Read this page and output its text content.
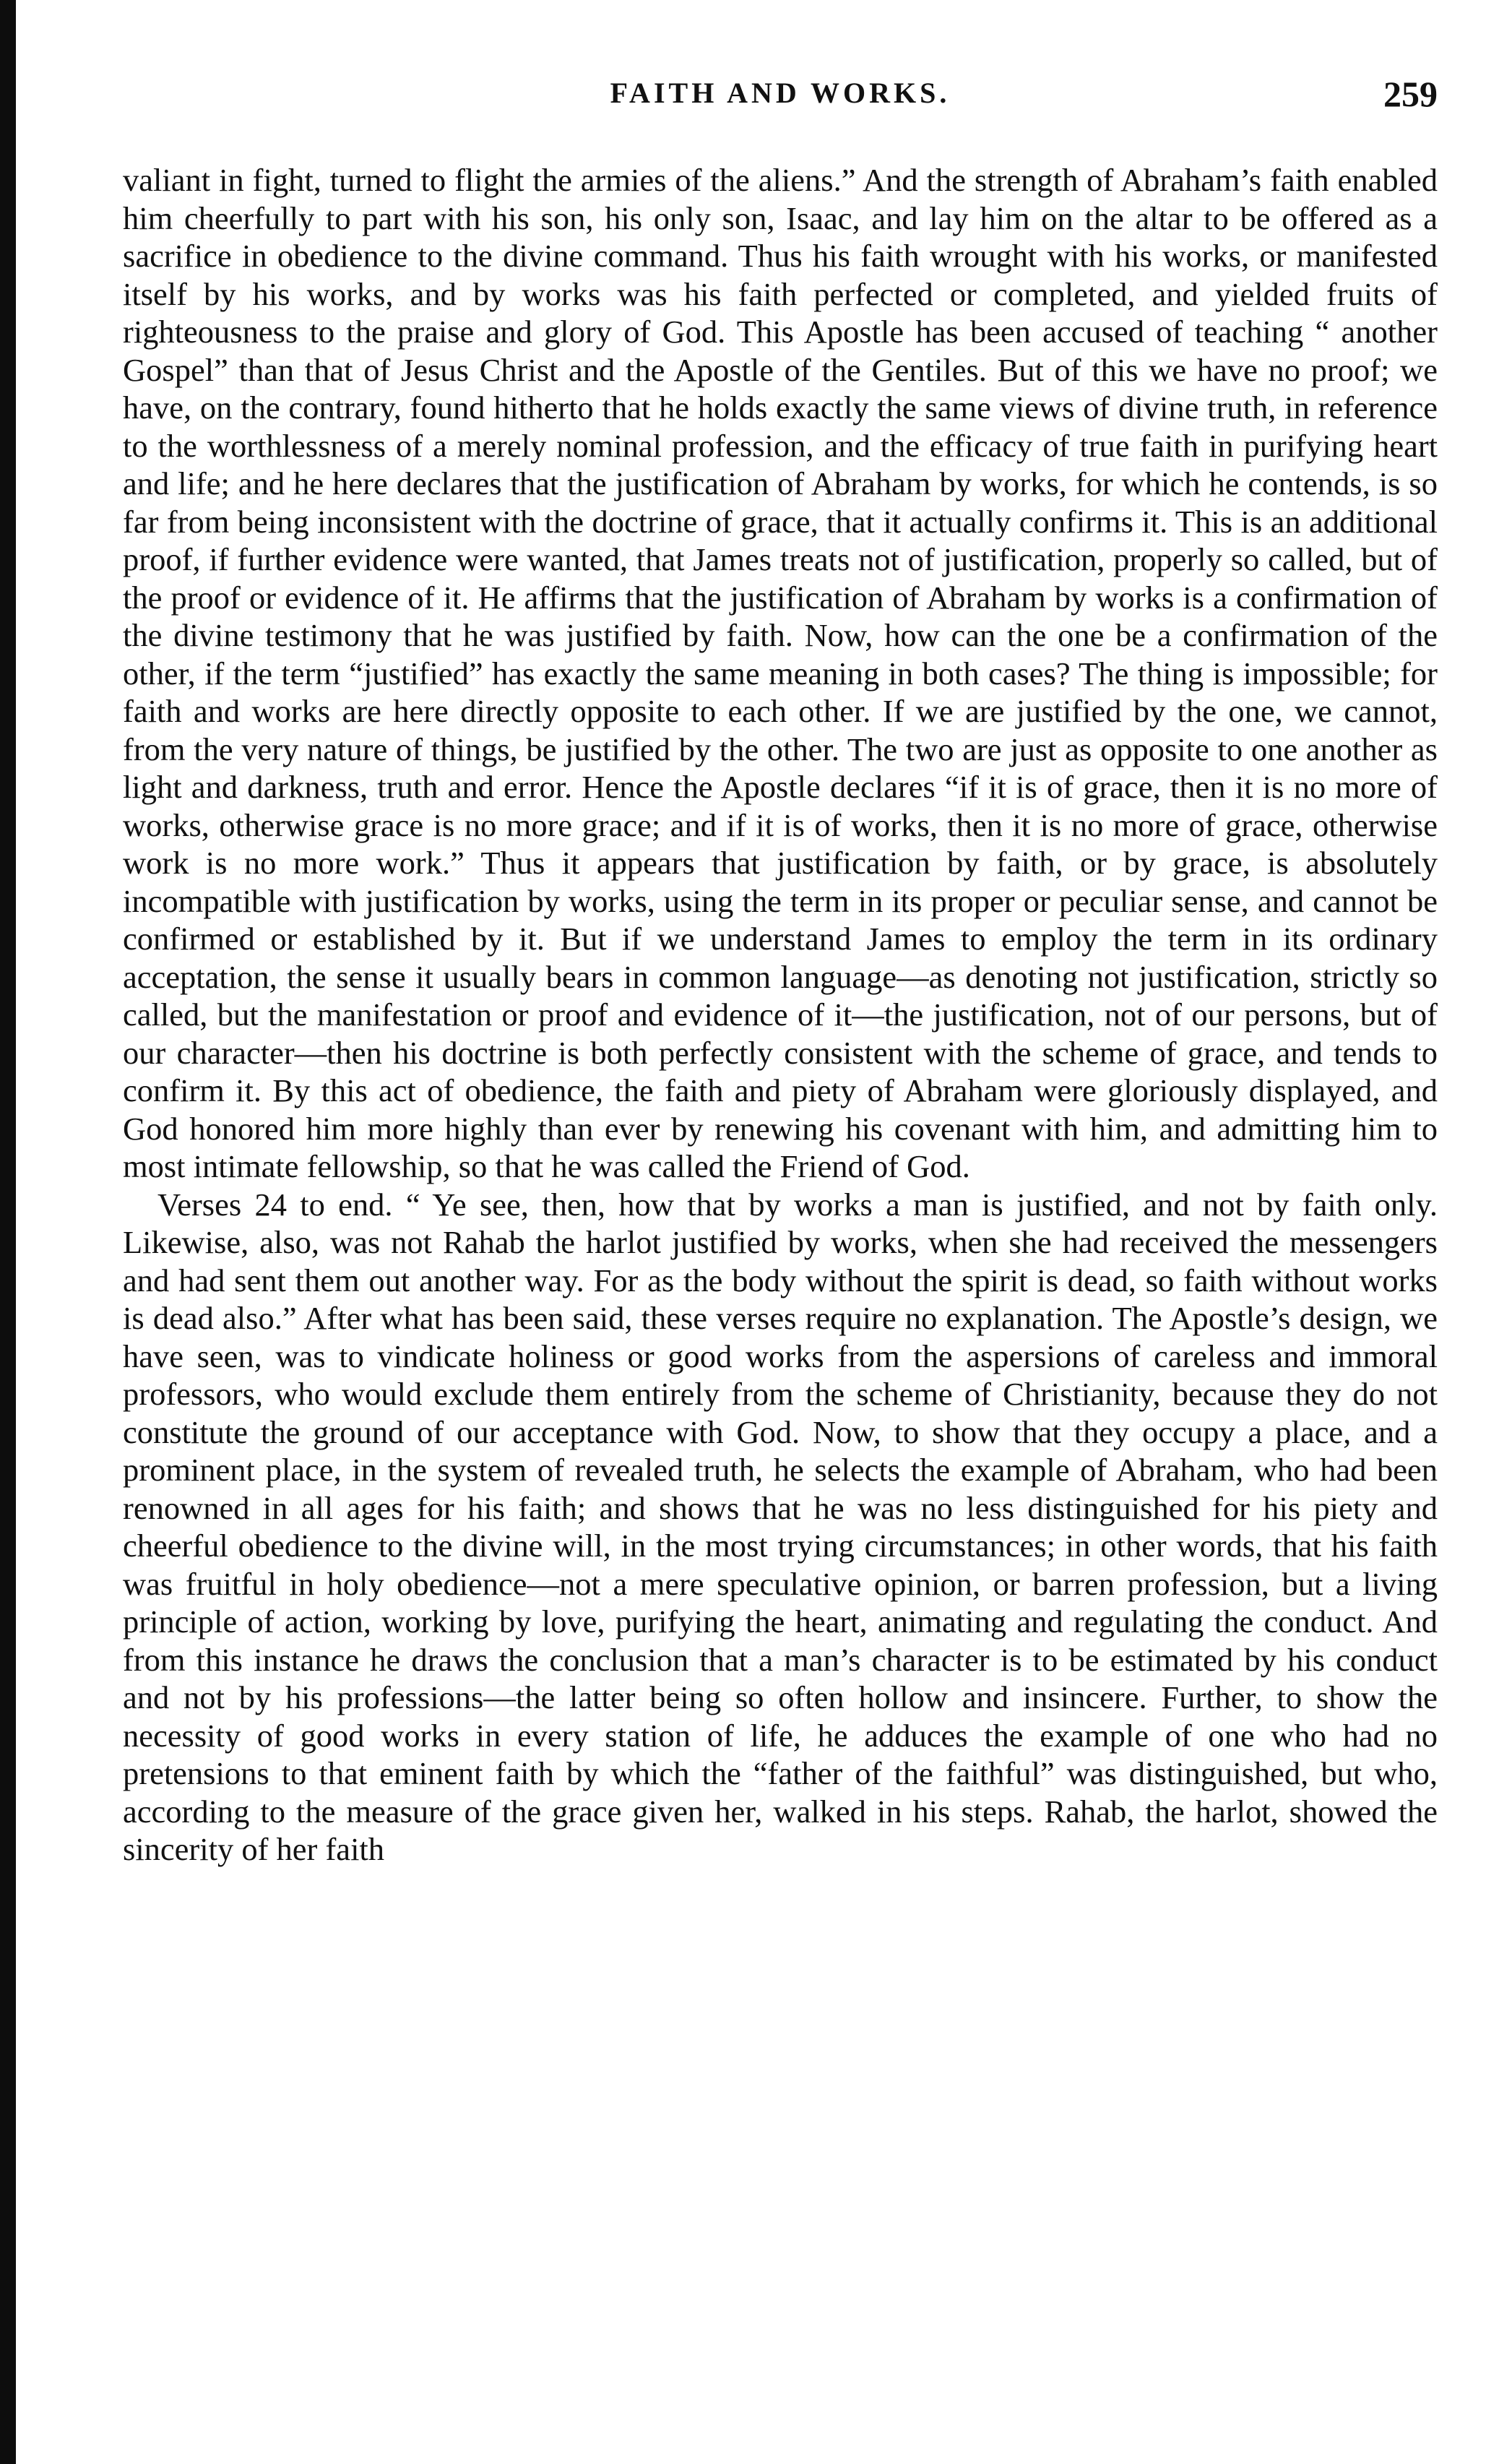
FAITH AND WORKS.	259

valiant in fight, turned to flight the armies of the aliens.” And the strength of Abraham’s faith enabled him cheerfully to part with his son, his only son, Isaac, and lay him on the altar to be offered as a sacrifice in obedience to the divine command. Thus his faith wrought with his works, or manifested itself by his works, and by works was his faith perfected or completed, and yielded fruits of righteousness to the praise and glory of God. This Apostle has been accused of teaching “ another Gospel” than that of Jesus Christ and the Apostle of the Gentiles. But of this we have no proof; we have, on the contrary, found hitherto that he holds exactly the same views of divine truth, in reference to the worthlessness of a merely nominal profession, and the efficacy of true faith in purifying heart and life; and he here declares that the justification of Abraham by works, for which he contends, is so far from being inconsistent with the doctrine of grace, that it actually confirms it. This is an additional proof, if further evidence were wanted, that James treats not of justification, properly so called, but of the proof or evidence of it. He affirms that the justification of Abraham by works is a confirmation of the divine testimony that he was justified by faith. Now, how can the one be a confirmation of the other, if the term “justified” has exactly the same meaning in both cases? The thing is impossible; for faith and works are here directly opposite to each other. If we are justified by the one, we cannot, from the very nature of things, be justified by the other. The two are just as opposite to one another as light and darkness, truth and error. Hence the Apostle declares “if it is of grace, then it is no more of works, otherwise grace is no more grace; and if it is of works, then it is no more of grace, otherwise work is no more work.” Thus it appears that justification by faith, or by grace, is absolutely incompatible with justification by works, using the term in its proper or peculiar sense, and cannot be confirmed or established by it. But if we understand James to employ the term in its ordinary acceptation, the sense it usually bears in common language—as denoting not justification, strictly so called, but the manifestation or proof and evidence of it—the justification, not of our persons, but of our character—then his doctrine is both perfectly consistent with the scheme of grace, and tends to confirm it. By this act of obedience, the faith and piety of Abraham were gloriously displayed, and God honored him more highly than ever by renewing his covenant with him, and admitting him to most intimate fellowship, so that he was called the Friend of God.

Verses 24 to end. “ Ye see, then, how that by works a man is justified, and not by faith only. Likewise, also, was not Rahab the harlot justified by works, when she had received the messengers and had sent them out another way. For as the body without the spirit is dead, so faith without works is dead also.” After what has been said, these verses require no explanation. The Apostle’s design, we have seen, was to vindicate holiness or good works from the aspersions of careless and immoral professors, who would exclude them entirely from the scheme of Christianity, because they do not constitute the ground of our acceptance with God. Now, to show that they occupy a place, and a prominent place, in the system of revealed truth, he selects the example of Abraham, who had been renowned in all ages for his faith; and shows that he was no less distinguished for his piety and cheerful obedience to the divine will, in the most trying circumstances; in other words, that his faith was fruitful in holy obedience—not a mere speculative opinion, or barren profession, but a living principle of action, working by love, purifying the heart, animating and regulating the conduct. And from this instance he draws the conclusion that a man’s character is to be estimated by his conduct and not by his professions—the latter being so often hollow and insincere. Further, to show the necessity of good works in every station of life, he adduces the example of one who had no pretensions to that eminent faith by which the “father of the faithful” was distinguished, but who, according to the measure of the grace given her, walked in his steps. Rahab, the harlot, showed the sincerity of her faith
